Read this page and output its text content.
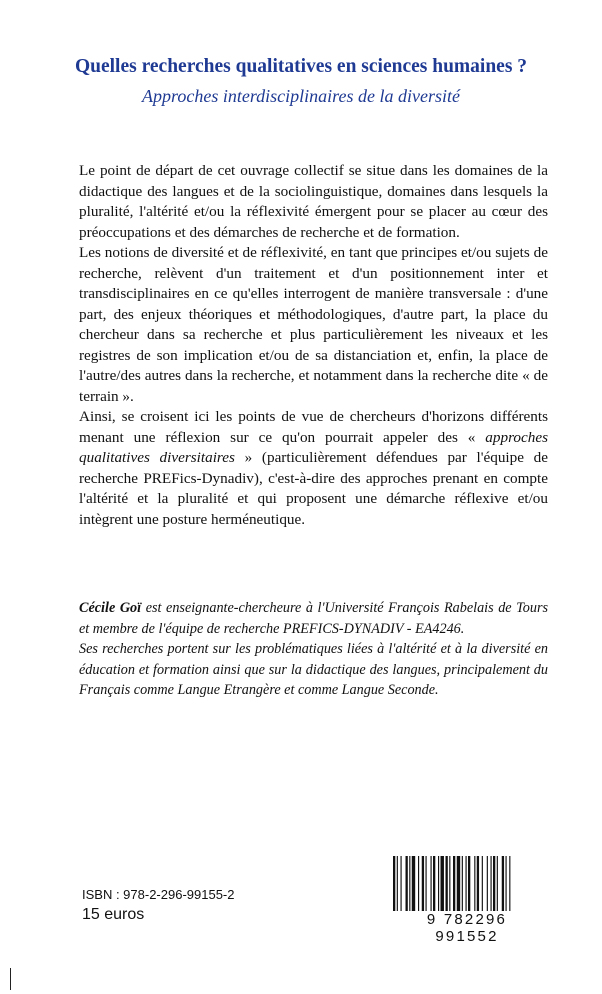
Quelles recherches qualitatives en sciences humaines ?
Approches interdisciplinaires de la diversité

Le point de départ de cet ouvrage collectif se situe dans les domaines de la didactique des langues et de la sociolinguistique, domaines dans lesquels la pluralité, l'altérité et/ou la réflexivité émergent pour se placer au cœur des préoccupations et des démarches de recherche et de formation.

Les notions de diversité et de réflexivité, en tant que principes et/ou sujets de recherche, relèvent d'un traitement et d'un positionnement inter et transdisciplinaires en ce qu'elles interrogent de manière transversale : d'une part, des enjeux théoriques et méthodologiques, d'autre part, la place du chercheur dans sa recherche et plus particulièrement les niveaux et les registres de son implication et/ou de sa distanciation et, enfin, la place de l'autre/des autres dans la recherche, et notamment dans la recherche dite « de terrain ».

Ainsi, se croisent ici les points de vue de chercheurs d'horizons différents menant une réflexion sur ce qu'on pourrait appeler des « approches qualitatives diversitaires » (particulièrement défendues par l'équipe de recherche PREFics-Dynadiv), c'est-à-dire des approches prenant en compte l'altérité et la pluralité et qui proposent une démarche réflexive et/ou intègrent une posture herméneutique.

Cécile Goï est enseignante-chercheure à l'Université François Rabelais de Tours et membre de l'équipe de recherche PREFICS-DYNADIV - EA4246.

Ses recherches portent sur les problématiques liées à l'altérité et à la diversité en éducation et formation ainsi que sur la didactique des langues, principalement du Français comme Langue Etrangère et comme Langue Seconde.

ISBN : 978-2-296-99155-2
15 euros	9 782296 991552
